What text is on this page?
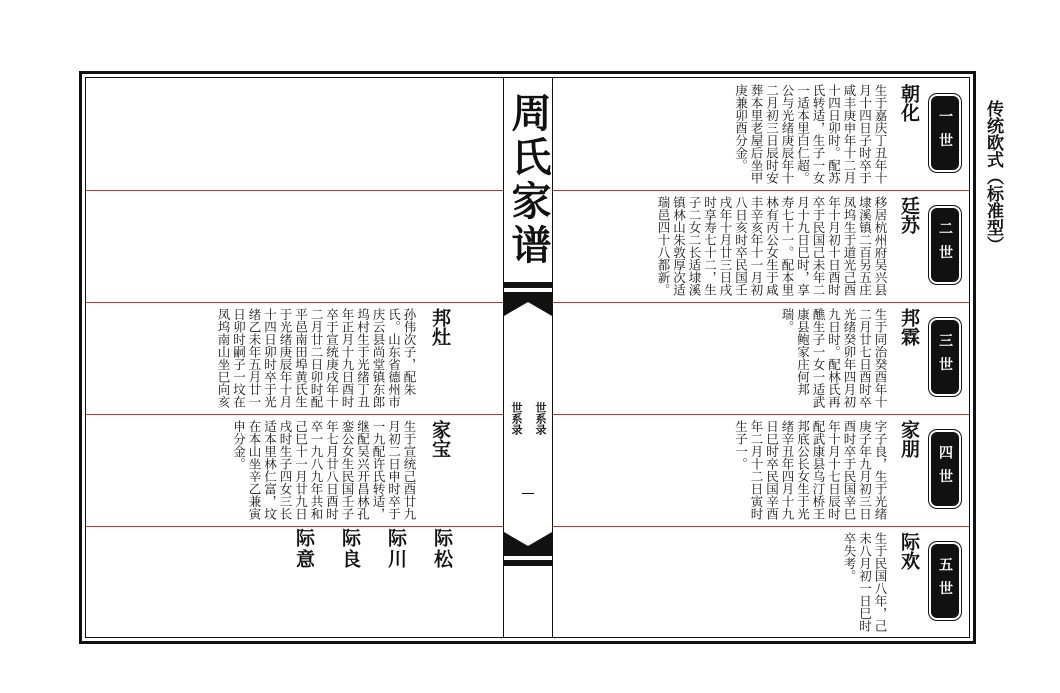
传统欧式（标准型）
周氏家谱
世系录
世系录
一世
二世
三世
四世
五世
朝化
生于嘉庆丁丑年十月十四日子时卒于咸丰庚申年十二月十四日卯时。配苏氏转适，生子一女一适本里白仁超。公与光绪庚辰年十二月初三日辰时安葬本里老屋后坐甲庚兼卯酉分金。
廷苏
移居杭州府吴兴县埭溪镇二百另五庄凤坞生于道光己酉年十月初十日酉时卒于民国己未年二月十九日巳时，享寿七十一。配本里林有丙公女生于咸丰辛亥年十一月初八日亥时卒民国壬戌年十月廿三日戌时享寿七十二，生子二女二长适埭溪镇林山朱敦厚次适瑞邑四十八都新。
邦霖
生于同治癸酉年十二月廿七日酉时卒光绪癸卯年四月初九日时。配林氏再醮生子一女一适武康县鲍家庄何邦瑞。
家朋
字子良，生于光绪庚子年九月初三日酉时卒于民国辛巳年十月十七日辰时配武康县乌汀桥王邦底公长女生于光绪辛丑年四月十九日巳时卒民国辛酉年二月十二日寅时生子一。
际欢
生于民国八年，己未八月初一日巳时卒失考。
邦灶
孙伟次子，配朱氏。山东省德州市庆云县尚堂镇东郎坞村生于光绪丁丑年正月十九日酉时卒于宣统庚戌年十二月廿二日卯时配平邑南田埠黄氏生于光绪庚辰年十月十四日卯时卒于光绪乙未年五月廿一日卯时嗣子一坟在凤坞南山坐巳向亥
家宝
生于宣统己酉廿九月初二日申时卒于一九配许氏转适，继配吴兴开昌林孔銮公女生民国壬子年七月廿八日酉时卒一九八九年共和己巳十一月廿九日戌时生子四女三长适本里林仁富，坟在本山坐辛乙兼寅申分金。
际松
际川
际良
际意
